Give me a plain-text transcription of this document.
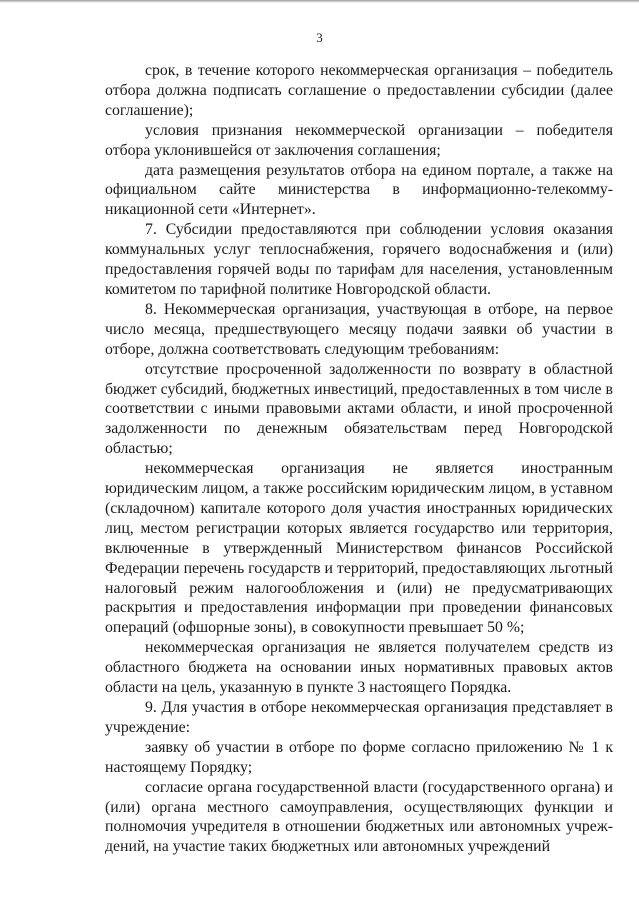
3

срок, в течение которого некоммерческая организация – победитель отбора должна подписать соглашение о предоставлении субсидии (далее соглашение);

условия признания некоммерческой организации – победителя отбора уклонившейся от заключения соглашения;

дата размещения результатов отбора на едином портале, а также на официальном сайте министерства в информационно-телекомму-никационной сети «Интернет».

7. Субсидии предоставляются при соблюдении условия оказания коммунальных услуг теплоснабжения, горячего водоснабжения и (или) предоставления горячей воды по тарифам для населения, установленным комитетом по тарифной политике Новгородской области.

8. Некоммерческая организация, участвующая в отборе, на первое число месяца, предшествующего месяцу подачи заявки об участии в отборе, должна соответствовать следующим требованиям:

отсутствие просроченной задолженности по возврату в областной бюджет субсидий, бюджетных инвестиций, предоставленных в том числе в соответствии с иными правовыми актами области, и иной просроченной задолженности по денежным обязательствам перед Новгородской областью;

некоммерческая организация не является иностранным юридическим лицом, а также российским юридическим лицом, в уставном (складочном) капитале которого доля участия иностранных юридических лиц, местом регистрации которых является государство или территория, включенные в утвержденный Министерством финансов Российской Федерации перечень государств и территорий, предоставляющих льготный налоговый режим налогообложения и (или) не предусматривающих раскрытия и предоставления информации при проведении финансовых операций (офшорные зоны), в совокупности превышает 50 %;

некоммерческая организация не является получателем средств из областного бюджета на основании иных нормативных правовых актов области на цель, указанную в пункте 3 настоящего Порядка.

9. Для участия в отборе некоммерческая организация представляет в учреждение:

заявку об участии в отборе по форме согласно приложению № 1 к настоящему Порядку;

согласие органа государственной власти (государственного органа) и (или) органа местного самоуправления, осуществляющих функции и полномочия учредителя в отношении бюджетных или автономных учреж-дений, на участие таких бюджетных или автономных учреждений
